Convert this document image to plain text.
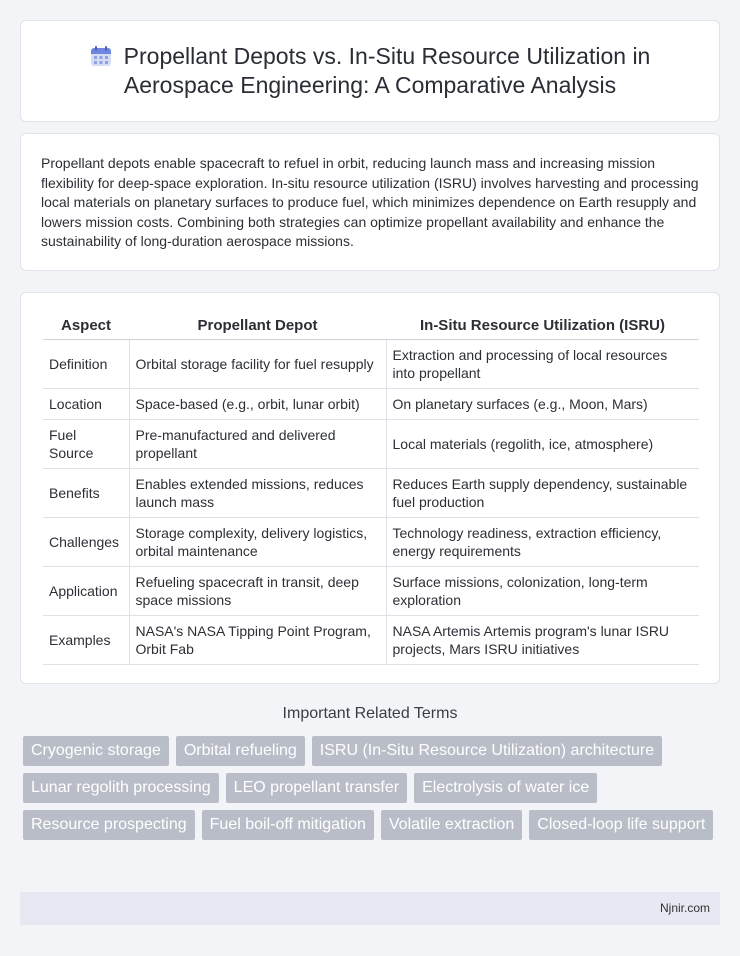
Propellant Depots vs. In-Situ Resource Utilization in Aerospace Engineering: A Comparative Analysis

Propellant depots enable spacecraft to refuel in orbit, reducing launch mass and increasing mission flexibility for deep-space exploration. In-situ resource utilization (ISRU) involves harvesting and processing local materials on planetary surfaces to produce fuel, which minimizes dependence on Earth resupply and lowers mission costs. Combining both strategies can optimize propellant availability and enhance the sustainability of long-duration aerospace missions.

Aspect	Propellant Depot	In-Situ Resource Utilization (ISRU)
Definition	Orbital storage facility for fuel resupply	Extraction and processing of local resources into propellant
Location	Space-based (e.g., orbit, lunar orbit)	On planetary surfaces (e.g., Moon, Mars)
Fuel Source	Pre-manufactured and delivered propellant	Local materials (regolith, ice, atmosphere)
Benefits	Enables extended missions, reduces launch mass	Reduces Earth supply dependency, sustainable fuel production
Challenges	Storage complexity, delivery logistics, orbital maintenance	Technology readiness, extraction efficiency, energy requirements
Application	Refueling spacecraft in transit, deep space missions	Surface missions, colonization, long-term exploration
Examples	NASA's NASA Tipping Point Program, Orbit Fab	NASA Artemis Artemis program's lunar ISRU projects, Mars ISRU initiatives
Important Related Terms
Cryogenic storage	Orbital refueling	ISRU (In-Situ Resource Utilization) architecture
Lunar regolith processing	LEO propellant transfer	Electrolysis of water ice
Resource prospecting	Fuel boil-off mitigation	Volatile extraction	Closed-loop life support
Njnir.com
